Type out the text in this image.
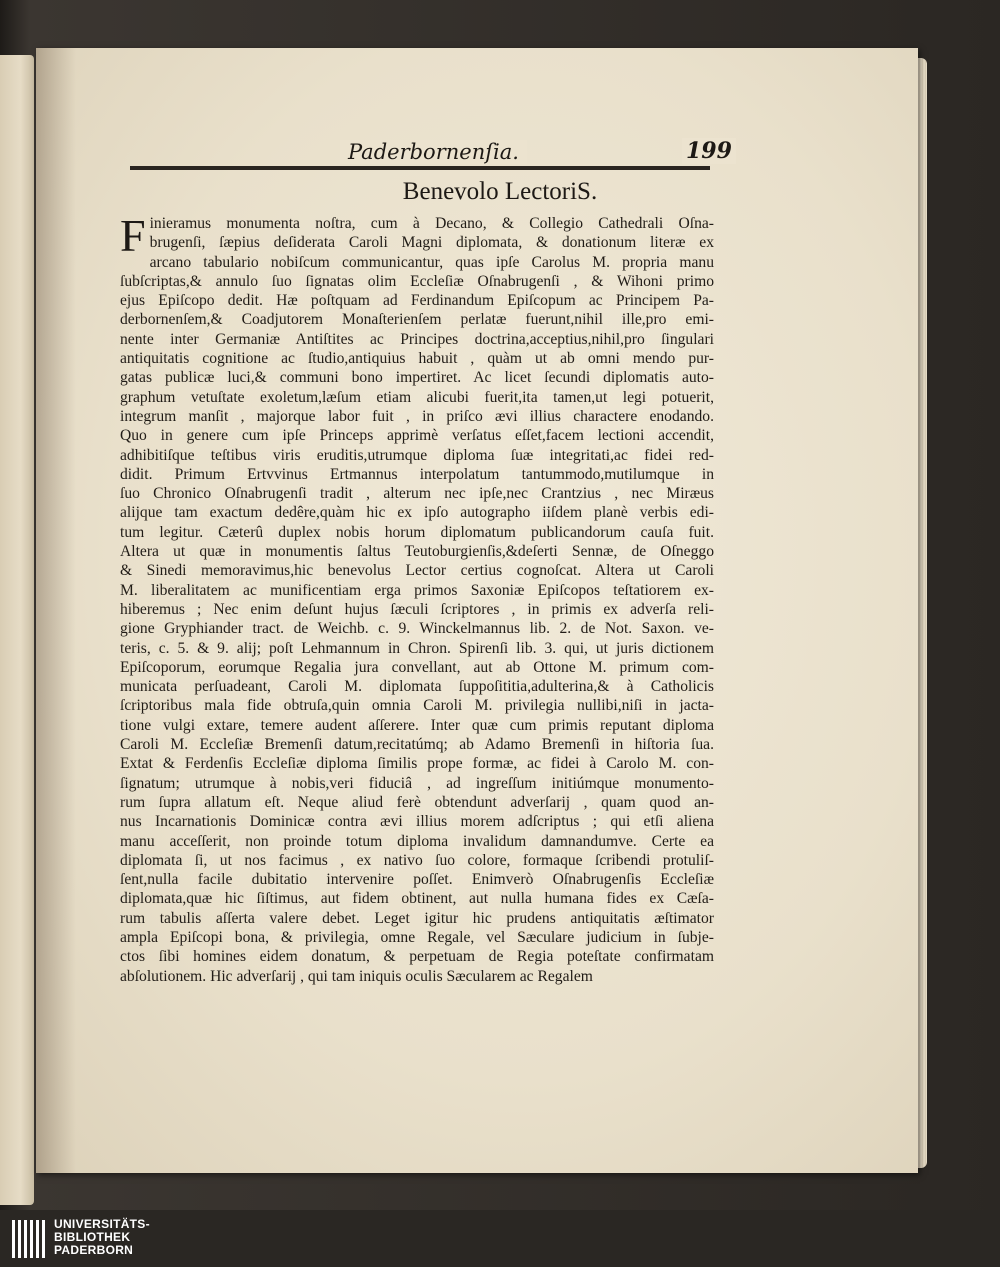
Paderbornenſia.	199
Benevolo LectoriS.
F inieramus monumenta noſtra, cum à Decano, & Collegio Cathedrali Oſna-
brugenſi, ſæpius deſiderata Caroli Magni diplomata, & donationum literæ ex
arcano tabulario nobiſcum communicantur, quas ipſe Carolus M. propria manu
ſubſcriptas,& annulo ſuo ſignatas olim Eccleſiæ Oſnabrugenſi , & Wihoni primo
ejus Epiſcopo dedit. Hæ poſtquam ad Ferdinandum Epiſcopum ac Principem Pa-
derbornenſem,& Coadjutorem Monaſterienſem perlatæ fuerunt,nihil ille,pro emi-
nente inter Germaniæ Antiſtites ac Principes doctrina,acceptius,nihil,pro ſingulari
antiquitatis cognitione ac ſtudio,antiquius habuit , quàm ut ab omni mendo pur-
gatas publicæ luci,& communi bono impertiret. Ac licet ſecundi diplomatis auto-
graphum vetuſtate exoletum,læſum etiam alicubi fuerit,ita tamen,ut legi potuerit,
integrum manſit , majorque labor fuit , in priſco ævi illius charactere enodando.
Quo in genere cum ipſe Princeps apprimè verſatus eſſet,facem lectioni accendit,
adhibitiſque teſtibus viris eruditis,utrumque diploma ſuæ integritati,ac fidei red-
didit. Primum Ertvvinus Ertmannus interpolatum tantummodo,mutilumque in
ſuo Chronico Oſnabrugenſi tradit , alterum nec ipſe,nec Crantzius , nec Miræus
alijque tam exactum dedêre,quàm hic ex ipſo autographo iiſdem planè verbis edi-
tum legitur. Cæterû duplex nobis horum diplomatum publicandorum cauſa fuit.
Altera ut quæ in monumentis ſaltus Teutoburgienſis,&deſerti Sennæ, de Oſneggo
& Sinedi memoravimus,hic benevolus Lector certius cognoſcat. Altera ut Caroli
M. liberalitatem ac munificentiam erga primos Saxoniæ Epiſcopos teſtatiorem ex-
hiberemus ; Nec enim deſunt hujus ſæculi ſcriptores , in primis ex adverſa reli-
gione Gryphiander tract. de Weichb. c. 9. Winckelmannus lib. 2. de Not. Saxon. ve-
teris, c. 5. & 9. alij; poſt Lehmannum in Chron. Spirenſi lib. 3. qui, ut juris dictionem
Epiſcoporum, eorumque Regalia jura convellant, aut ab Ottone M. primum com-
municata perſuadeant, Caroli M. diplomata ſuppoſititia,adulterina,& à Catholicis
ſcriptoribus mala fide obtruſa,quin omnia Caroli M. privilegia nullibi,niſi in jacta-
tione vulgi extare, temere audent aſſerere. Inter quæ cum primis reputant diploma
Caroli M. Eccleſiæ Bremenſi datum,recitatúmq; ab Adamo Bremenſi in hiſtoria ſua.
Extat & Ferdenſis Eccleſiæ diploma ſimilis prope formæ, ac fidei à Carolo M. con-
ſignatum; utrumque à nobis,veri fiduciâ , ad ingreſſum initiúmque monumento-
rum ſupra allatum eſt. Neque aliud ferè obtendunt adverſarij , quam quod an-
nus Incarnationis Dominicæ contra ævi illius morem adſcriptus ; qui etſi aliena
manu acceſſerit, non proinde totum diploma invalidum damnandumve. Certe ea
diplomata ſi, ut nos facimus , ex nativo ſuo colore, formaque ſcribendi protuliſ-
ſent,nulla facile dubitatio intervenire poſſet. Enimverò Oſnabrugenſis Eccleſiæ
diplomata,quæ hic ſiſtimus, aut fidem obtinent, aut nulla humana fides ex Cæſa-
rum tabulis aſſerta valere debet. Leget igitur hic prudens antiquitatis æſtimator
ampla Epiſcopi bona, & privilegia, omne Regale, vel Sæculare judicium in ſubje-
ctos ſibi homines eidem donatum, & perpetuam de Regia poteſtate confirmatam
abſolutionem. Hic adverſarij , qui tam iniquis oculis Sæcularem ac Regalem
UNIVERSITÄTS-
BIBLIOTHEK
PADERBORN
